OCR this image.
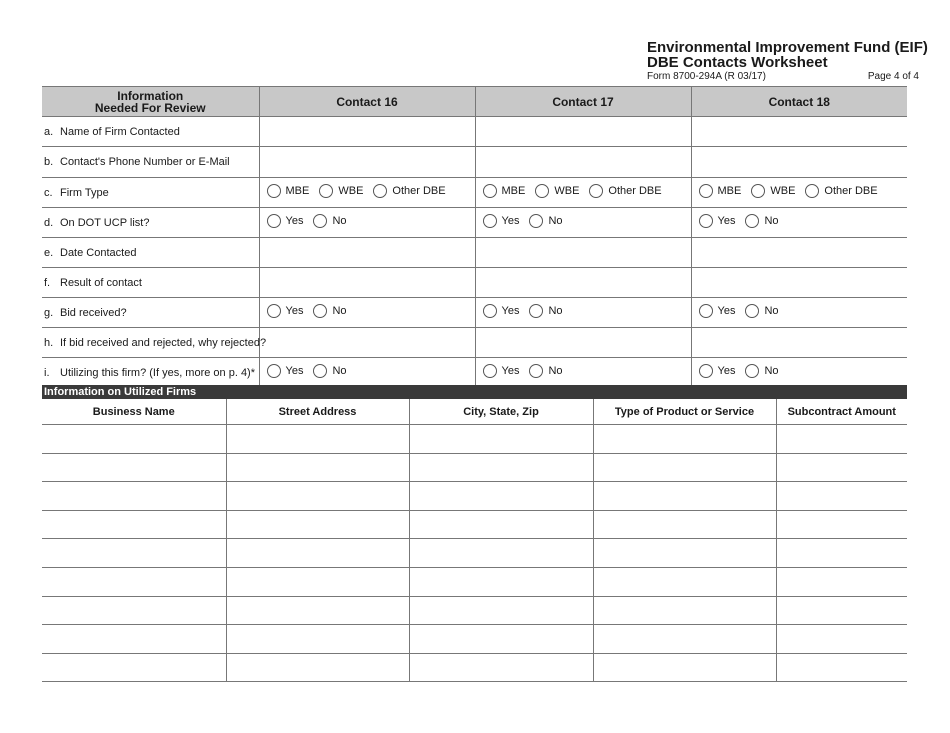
Environmental Improvement Fund (EIF)
DBE Contacts Worksheet
Form 8700-294A (R 03/17)	Page 4 of 4
Information
Needed For Review	Contact 16	Contact 17	Contact 18
a. Name of Firm Contacted			
b. Contact's Phone Number or E-Mail			
c. Firm Type	MBE WBE Other DBE	MBE WBE Other DBE	MBE WBE Other DBE

d. On DOT UCP list?	Yes No	Yes No	Yes No

e. Date Contacted			
f. Result of contact			
g. Bid received?	Yes No	Yes No	Yes No

h. If bid received and rejected, why rejected?			
i. Utilizing this firm? (If yes, more on p. 4)*	Yes No	Yes No	Yes No
Information on Utilized Firms
Business Name	Street Address	City, State, Zip	Type of Product or Service	Subcontract Amount
